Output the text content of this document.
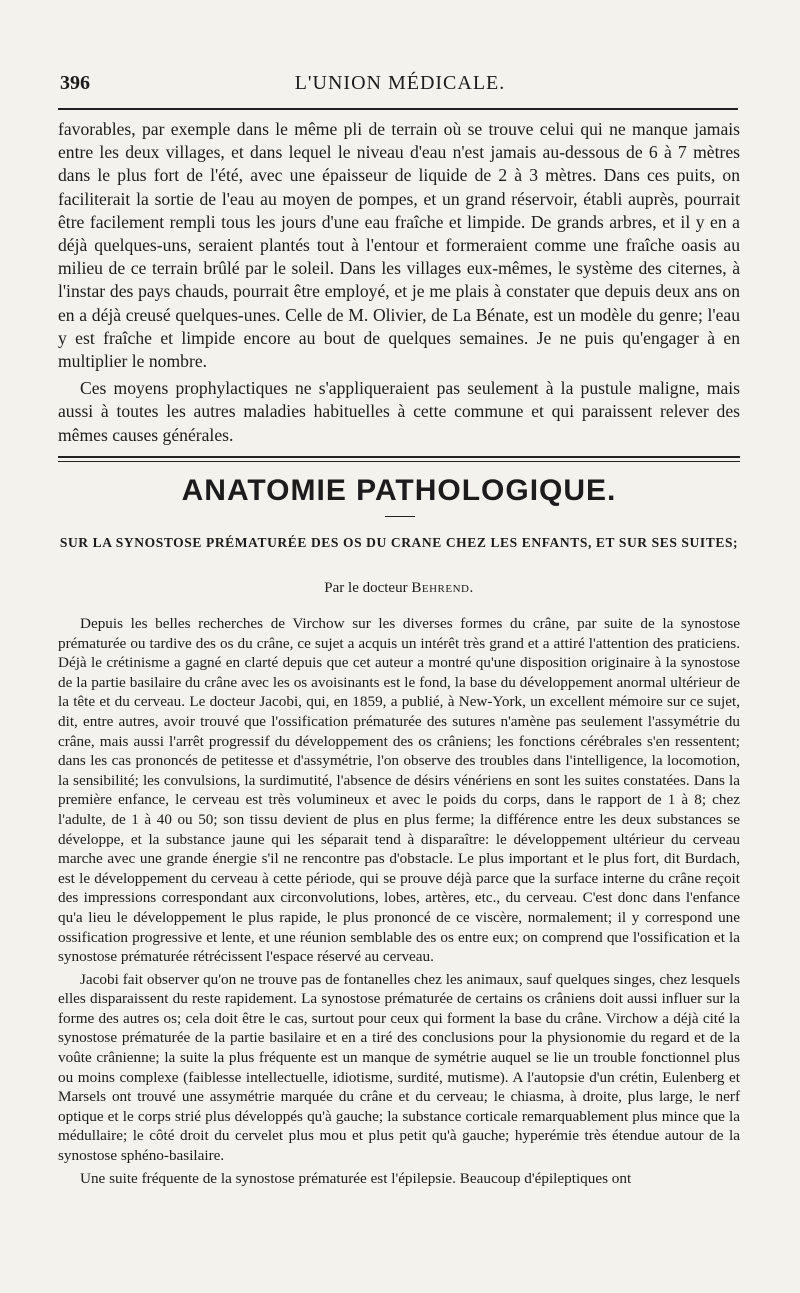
396	L'UNION MÉDICALE.

favorables, par exemple dans le même pli de terrain où se trouve celui qui ne manque jamais entre les deux villages, et dans lequel le niveau d'eau n'est jamais au-dessous de 6 à 7 mètres dans le plus fort de l'été, avec une épaisseur de liquide de 2 à 3 mètres. Dans ces puits, on faciliterait la sortie de l'eau au moyen de pompes, et un grand réservoir, établi auprès, pourrait être facilement rempli tous les jours d'une eau fraîche et limpide. De grands arbres, et il y en a déjà quelques-uns, seraient plantés tout à l'entour et formeraient comme une fraîche oasis au milieu de ce terrain brûlé par le soleil. Dans les villages eux-mêmes, le système des citernes, à l'instar des pays chauds, pourrait être employé, et je me plais à constater que depuis deux ans on en a déjà creusé quelques-unes. Celle de M. Olivier, de La Bénate, est un modèle du genre; l'eau y est fraîche et limpide encore au bout de quelques semaines. Je ne puis qu'engager à en multiplier le nombre.

Ces moyens prophylactiques ne s'appliqueraient pas seulement à la pustule maligne, mais aussi à toutes les autres maladies habituelles à cette commune et qui paraissent relever des mêmes causes générales.

ANATOMIE PATHOLOGIQUE.
SUR LA SYNOSTOSE PRÉMATURÉE DES OS DU CRANE CHEZ LES ENFANTS, ET SUR SES SUITES;
Par le docteur Behrend.

Depuis les belles recherches de Virchow sur les diverses formes du crâne, par suite de la synostose prématurée ou tardive des os du crâne, ce sujet a acquis un intérêt très grand et a attiré l'attention des praticiens. Déjà le crétinisme a gagné en clarté depuis que cet auteur a montré qu'une disposition originaire à la synostose de la partie basilaire du crâne avec les os avoisinants est le fond, la base du développement anormal ultérieur de la tête et du cerveau. Le docteur Jacobi, qui, en 1859, a publié, à New-York, un excellent mémoire sur ce sujet, dit, entre autres, avoir trouvé que l'ossification prématurée des sutures n'amène pas seulement l'assymétrie du crâne, mais aussi l'arrêt progressif du développement des os crâniens; les fonctions cérébrales s'en ressentent; dans les cas prononcés de petitesse et d'assymétrie, l'on observe des troubles dans l'intelligence, la locomotion, la sensibilité; les convulsions, la surdimutité, l'absence de désirs vénériens en sont les suites constatées. Dans la première enfance, le cerveau est très volumineux et avec le poids du corps, dans le rapport de 1 à 8; chez l'adulte, de 1 à 40 ou 50; son tissu devient de plus en plus ferme; la différence entre les deux substances se développe, et la substance jaune qui les séparait tend à disparaître: le développement ultérieur du cerveau marche avec une grande énergie s'il ne rencontre pas d'obstacle. Le plus important et le plus fort, dit Burdach, est le développement du cerveau à cette période, qui se prouve déjà parce que la surface interne du crâne reçoit des impressions correspondant aux circonvolutions, lobes, artères, etc., du cerveau. C'est donc dans l'enfance qu'a lieu le développement le plus rapide, le plus prononcé de ce viscère, normalement; il y correspond une ossification progressive et lente, et une réunion semblable des os entre eux; on comprend que l'ossification et la synostose prématurée rétrécissent l'espace réservé au cerveau.

Jacobi fait observer qu'on ne trouve pas de fontanelles chez les animaux, sauf quelques singes, chez lesquels elles disparaissent du reste rapidement. La synostose prématurée de certains os crâniens doit aussi influer sur la forme des autres os; cela doit être le cas, surtout pour ceux qui forment la base du crâne. Virchow a déjà cité la synostose prématurée de la partie basilaire et en a tiré des conclusions pour la physionomie du regard et de la voûte crânienne; la suite la plus fréquente est un manque de symétrie auquel se lie un trouble fonctionnel plus ou moins complexe (faiblesse intellectuelle, idiotisme, surdité, mutisme). A l'autopsie d'un crétin, Eulenberg et Marsels ont trouvé une assymétrie marquée du crâne et du cerveau; le chiasma, à droite, plus large, le nerf optique et le corps strié plus développés qu'à gauche; la substance corticale remarquablement plus mince que la médullaire; le côté droit du cervelet plus mou et plus petit qu'à gauche; hyperémie très étendue autour de la synostose sphéno-basilaire.

Une suite fréquente de la synostose prématurée est l'épilepsie. Beaucoup d'épileptiques ont
